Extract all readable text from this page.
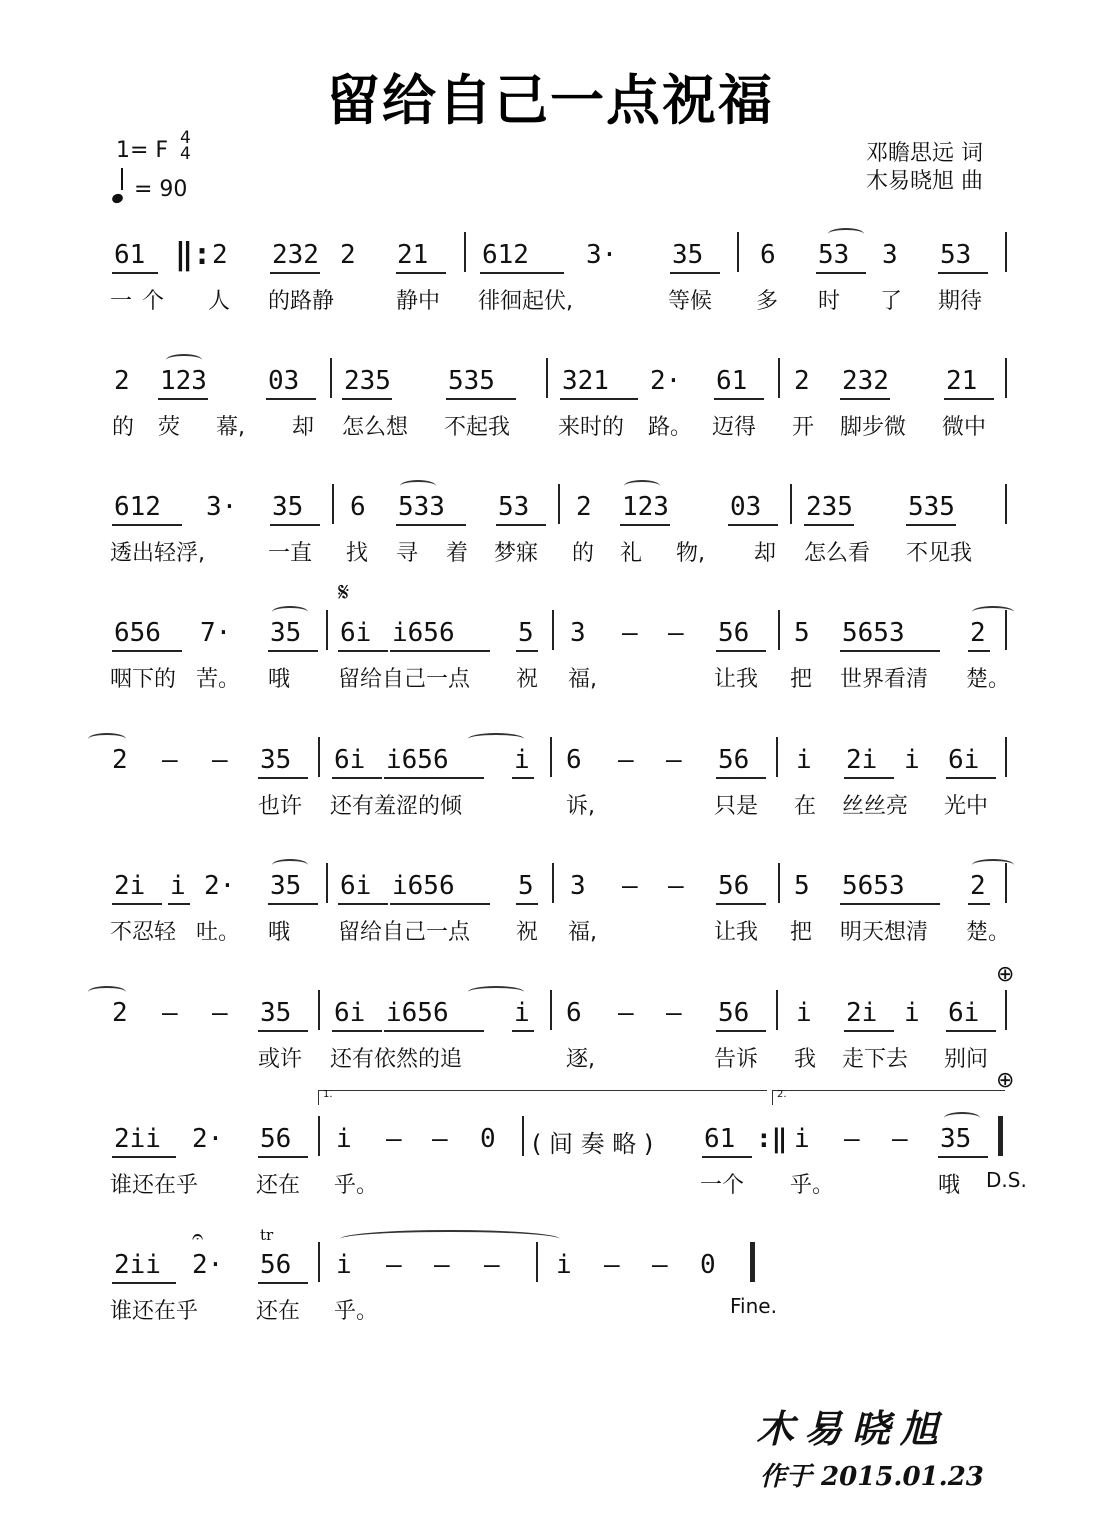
留给自己一点祝福
1= F 4
4
= 90
邓瞻思远 词
木易晓旭 曲
61 ‖: 2 232 2 21 612 3· 35 6 53 3 53
一 个 人 的路静	静中 徘徊起伏,	等候 多 时 了 期待
2 123 03 235 535	321 2· 61 2 232 21
的 荧 幕, 却 怎么想 不起我 来时的 路。 迈得 开 脚步微 微中
612 3· 35 6 533 53 2 123 03 235 535
透出轻浮,	一直 找 寻 着 梦寐 的 礼 物, 却 怎么看 不见我
𝄋
656 7· 35 6i i656 5 3 – – 56 5 5653	2
咽下的 苦。 哦 留给自己一点 祝 福,	让我 把 世界看清 楚。
2 – – 35 6i i656	i 6 – – 56 i 2i i 6i
也许 还有羞涩的倾	诉,	只是 在 丝丝亮 光中
2i i 2· 35 6i i656 5 3 – – 56 5 5653	2
不忍轻 吐。 哦 留给自己一点 祝 福,	让我 把 明天想清 楚。
⊕
2 – – 35 6i i656	i 6 – – 56 i 2i i 6i
或许 还有依然的追	逐,	告诉 我 走下去 别问
⊕
1.	2.
2ii 2· 56 i – – 0 ( 间 奏 略 ) 61 :‖ i – – 35
谁还在乎	还在 乎。	一个 乎。	哦 D.S.
tr
𝄐
2ii 2· 56 i – – – i – – 0
谁还在乎	还在 乎。	Fine.
木易晓旭
作于 2015.01.23
